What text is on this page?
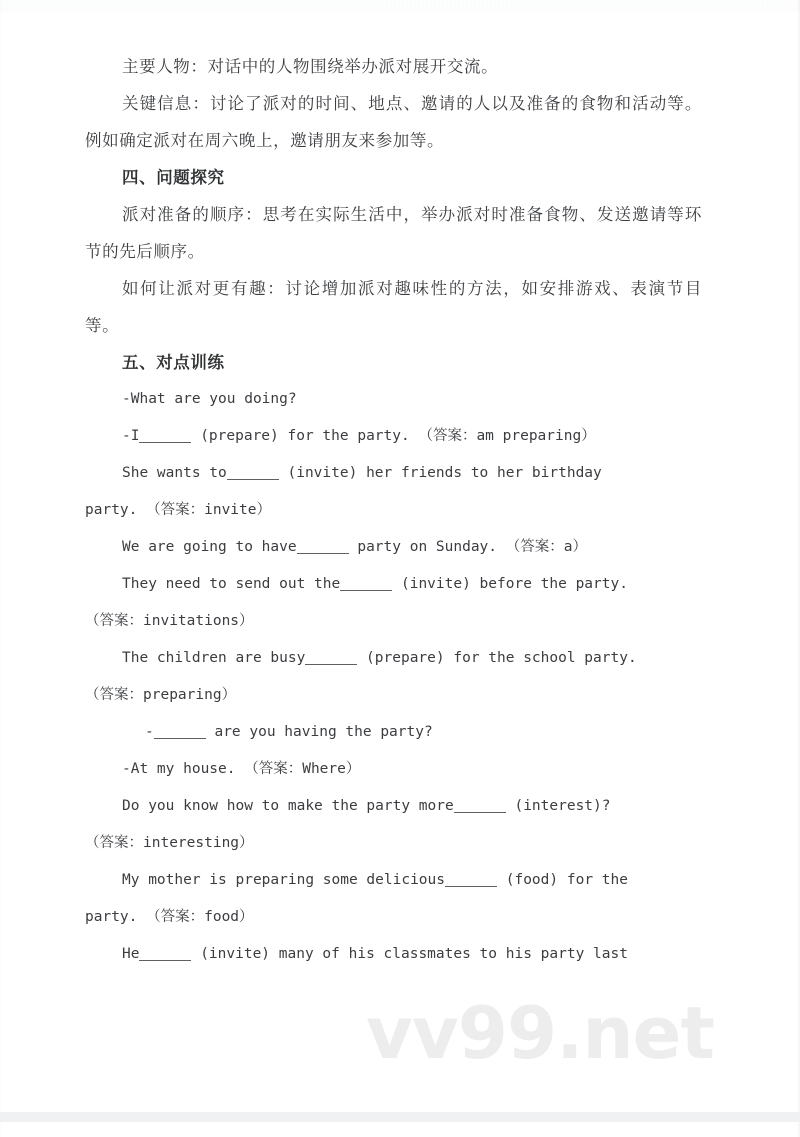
主要人物：对话中的人物围绕举办派对展开交流。
关键信息：讨论了派对的时间、地点、邀请的人以及准备的食物和活动等。例如确定派对在周六晚上，邀请朋友来参加等。
四、问题探究
派对准备的顺序：思考在实际生活中，举办派对时准备食物、发送邀请等环节的先后顺序。
如何让派对更有趣：讨论增加派对趣味性的方法，如安排游戏、表演节目等。
五、对点训练
-What are you doing?
-I	(prepare) for the party. （答案：am preparing）
She wants to	(invite) her friends to her birthday
party. （答案：invite）
We are going to have	party on Sunday. （答案：a）
They need to send out the	(invite) before the party.
（答案：invitations）
The children are busy	(prepare) for the school party.
（答案：preparing）
-	are you having the party?
-At my house. （答案：Where）
Do you know how to make the party more	(interest)?
（答案：interesting）
My mother is preparing some delicious	(food) for the
party. （答案：food）
He	(invite) many of his classmates to his party last
vv99.net
